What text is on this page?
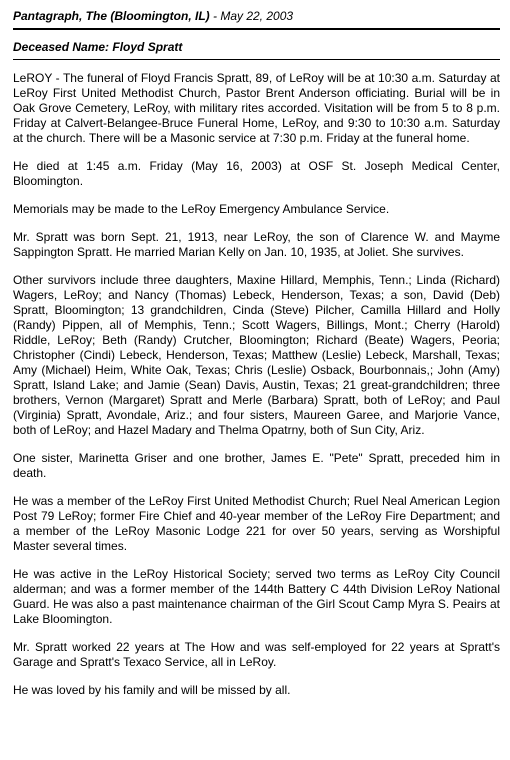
Pantagraph, The (Bloomington, IL) - May 22, 2003
Deceased Name: Floyd Spratt

LeROY - The funeral of Floyd Francis Spratt, 89, of LeRoy will be at 10:30 a.m. Saturday at LeRoy First United Methodist Church, Pastor Brent Anderson officiating. Burial will be in Oak Grove Cemetery, LeRoy, with military rites accorded. Visitation will be from 5 to 8 p.m. Friday at Calvert-Belangee-Bruce Funeral Home, LeRoy, and 9:30 to 10:30 a.m. Saturday at the church. There will be a Masonic service at 7:30 p.m. Friday at the funeral home.

He died at 1:45 a.m. Friday (May 16, 2003) at OSF St. Joseph Medical Center, Bloomington.

Memorials may be made to the LeRoy Emergency Ambulance Service.

Mr. Spratt was born Sept. 21, 1913, near LeRoy, the son of Clarence W. and Mayme Sappington Spratt. He married Marian Kelly on Jan. 10, 1935, at Joliet. She survives.

Other survivors include three daughters, Maxine Hillard, Memphis, Tenn.; Linda (Richard) Wagers, LeRoy; and Nancy (Thomas) Lebeck, Henderson, Texas; a son, David (Deb) Spratt, Bloomington; 13 grandchildren, Cinda (Steve) Pilcher, Camilla Hillard and Holly (Randy) Pippen, all of Memphis, Tenn.; Scott Wagers, Billings, Mont.; Cherry (Harold) Riddle, LeRoy; Beth (Randy) Crutcher, Bloomington; Richard (Beate) Wagers, Peoria; Christopher (Cindi) Lebeck, Henderson, Texas; Matthew (Leslie) Lebeck, Marshall, Texas; Amy (Michael) Heim, White Oak, Texas; Chris (Leslie) Osback, Bourbonnais,; John (Amy) Spratt, Island Lake; and Jamie (Sean) Davis, Austin, Texas; 21 great-grandchildren; three brothers, Vernon (Margaret) Spratt and Merle (Barbara) Spratt, both of LeRoy; and Paul (Virginia) Spratt, Avondale, Ariz.; and four sisters, Maureen Garee, and Marjorie Vance, both of LeRoy; and Hazel Madary and Thelma Opatrny, both of Sun City, Ariz.

One sister, Marinetta Griser and one brother, James E. "Pete" Spratt, preceded him in death.

He was a member of the LeRoy First United Methodist Church; Ruel Neal American Legion Post 79 LeRoy; former Fire Chief and 40-year member of the LeRoy Fire Department; and a member of the LeRoy Masonic Lodge 221 for over 50 years, serving as Worshipful Master several times.

He was active in the LeRoy Historical Society; served two terms as LeRoy City Council alderman; and was a former member of the 144th Battery C 44th Division LeRoy National Guard. He was also a past maintenance chairman of the Girl Scout Camp Myra S. Peairs at Lake Bloomington.

Mr. Spratt worked 22 years at The How and was self-employed for 22 years at Spratt's Garage and Spratt's Texaco Service, all in LeRoy.

He was loved by his family and will be missed by all.
